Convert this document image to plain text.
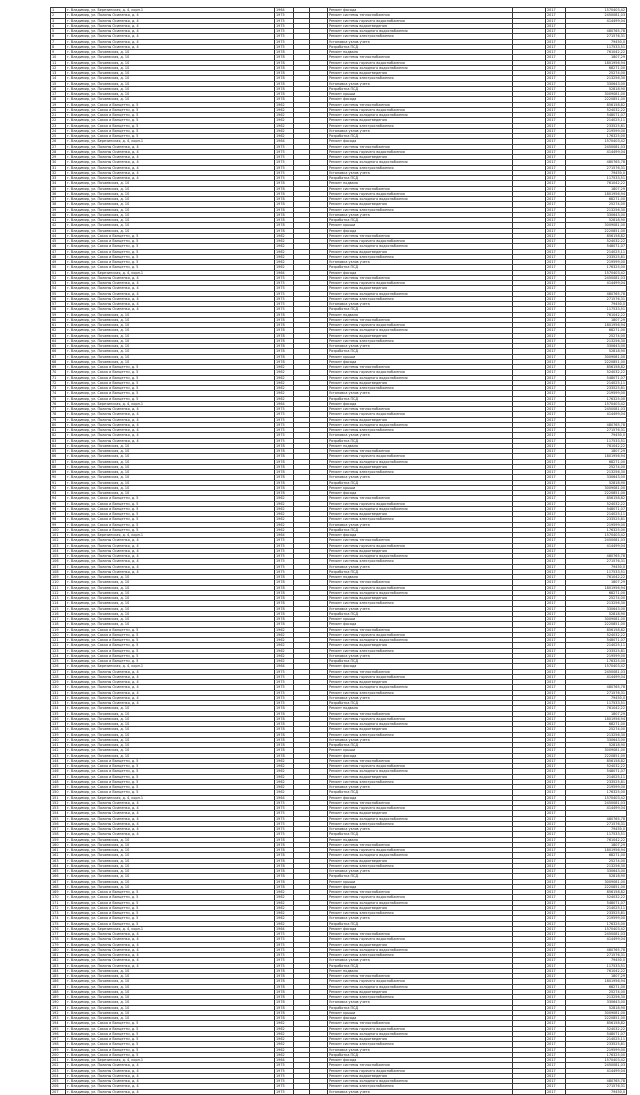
1	г. Владимир, ул. Березинская, д. 4, корп.1	1964			Ремонт фасада		2017	1570403,42
2	г. Владимир, ул. Полины Осипенко, д. 4	1975			Ремонт системы теплоснабжения		2017	2450081,03
3	г. Владимир, ул. Полины Осипенко, д. 4	1975			Ремонт системы горячего водоснабжения		2017	414499,04
4	г. Владимир, ул. Полины Осипенко, д. 4	1975			Ремонт системы водоотведения		2017	
5	г. Владимир, ул. Полины Осипенко, д. 4	1975			Ремонт системы холодного водоснабжения		2017	480765,78
6	г. Владимир, ул. Полины Осипенко, д. 4	1975			Ремонт системы электроснабжения		2017	271576,31
7	г. Владимир, ул. Полины Осипенко, д. 4	1975			Установка узлов учета		2017	79450,0
8	г. Владимир, ул. Полины Осипенко, д. 4	1975			Разработка ПСД		2017	117533,51
9	г. Владимир, ул. Почаевская, д. 10	1978			Ремонт подвала		2017	761042,22
10	г. Владимир, ул. Почаевская, д. 10	1978			Ремонт системы теплоснабжения		2017	1807,29
11	г. Владимир, ул. Почаевская, д. 10	1978			Ремонт системы горячего водоснабжения		2017	1801956,94
12	г. Владимир, ул. Почаевская, д. 10	1978			Ремонт системы холодного водоснабжения		2017	68271,00
13	г. Владимир, ул. Почаевская, д. 10	1978			Ремонт системы водоотведения		2017	25274,00
14	г. Владимир, ул. Почаевская, д. 10	1978			Ремонт системы электроснабжения		2017	213256,30
15	г. Владимир, ул. Почаевская, д. 10	1978			Установка узлов учета		2017	330643,00
16	г. Владимир, ул. Почаевская, д. 10	1978			Разработка ПСД		2017	52818,90
17	г. Владимир, ул. Почаевская, д. 10	1978			Ремонт крыши		2017	3009081,00
18	г. Владимир, ул. Почаевская, д. 10	1978			Ремонт фасада		2017	2220851,00
19	г. Владимир, ул. Сакко и Ванцетти, д. 5	1962			Ремонт системы теплоснабжения		2017	856158,82
20	г. Владимир, ул. Сакко и Ванцетти, д. 5	1962			Ремонт системы горячего водоснабжения		2017	524032,22
21	г. Владимир, ул. Сакко и Ванцетти, д. 5	1962			Ремонт системы холодного водоснабжения		2017	548071,07
22	г. Владимир, ул. Сакко и Ванцетти, д. 5	1962			Ремонт системы водоотведения		2017	214025,11
23	г. Владимир, ул. Сакко и Ванцетти, д. 5	1962			Ремонт системы электроснабжения		2017	233525,81
24	г. Владимир, ул. Сакко и Ванцетти, д. 5	1962			Установка узлов учета		2017	219599,00
25	г. Владимир, ул. Сакко и Ванцетти, д. 5	1962			Разработка ПСД		2017	176325,00
26	г. Владимир, ул. Березинская, д. 4, корп.1	1964			Ремонт фасада		2017	1570403,42
27	г. Владимир, ул. Полины Осипенко, д. 4	1975			Ремонт системы теплоснабжения		2017	2450081,03
28	г. Владимир, ул. Полины Осипенко, д. 4	1975			Ремонт системы горячего водоснабжения		2017	414499,04
29	г. Владимир, ул. Полины Осипенко, д. 4	1975			Ремонт системы водоотведения		2017	
30	г. Владимир, ул. Полины Осипенко, д. 4	1975			Ремонт системы холодного водоснабжения		2017	480765,78
31	г. Владимир, ул. Полины Осипенко, д. 4	1975			Ремонт системы электроснабжения		2017	271576,31
32	г. Владимир, ул. Полины Осипенко, д. 4	1975			Установка узлов учета		2017	79450,0
33	г. Владимир, ул. Полины Осипенко, д. 4	1975			Разработка ПСД		2017	117533,51
34	г. Владимир, ул. Почаевская, д. 10	1978			Ремонт подвала		2017	761042,22
35	г. Владимир, ул. Почаевская, д. 10	1978			Ремонт системы теплоснабжения		2017	1807,29
36	г. Владимир, ул. Почаевская, д. 10	1978			Ремонт системы горячего водоснабжения		2017	1801956,94
37	г. Владимир, ул. Почаевская, д. 10	1978			Ремонт системы холодного водоснабжения		2017	68271,00
38	г. Владимир, ул. Почаевская, д. 10	1978			Ремонт системы водоотведения		2017	25274,00
39	г. Владимир, ул. Почаевская, д. 10	1978			Ремонт системы электроснабжения		2017	213256,30
40	г. Владимир, ул. Почаевская, д. 10	1978			Установка узлов учета		2017	330643,00
41	г. Владимир, ул. Почаевская, д. 10	1978			Разработка ПСД		2017	52818,90
42	г. Владимир, ул. Почаевская, д. 10	1978			Ремонт крыши		2017	3009081,00
43	г. Владимир, ул. Почаевская, д. 10	1978			Ремонт фасада		2017	2220851,00
44	г. Владимир, ул. Сакко и Ванцетти, д. 5	1962			Ремонт системы теплоснабжения		2017	856158,82
45	г. Владимир, ул. Сакко и Ванцетти, д. 5	1962			Ремонт системы горячего водоснабжения		2017	524032,22
46	г. Владимир, ул. Сакко и Ванцетти, д. 5	1962			Ремонт системы холодного водоснабжения		2017	548071,07
47	г. Владимир, ул. Сакко и Ванцетти, д. 5	1962			Ремонт системы водоотведения		2017	214025,11
48	г. Владимир, ул. Сакко и Ванцетти, д. 5	1962			Ремонт системы электроснабжения		2017	233525,81
49	г. Владимир, ул. Сакко и Ванцетти, д. 5	1962			Установка узлов учета		2017	219599,00
50	г. Владимир, ул. Сакко и Ванцетти, д. 5	1962			Разработка ПСД		2017	176325,00
51	г. Владимир, ул. Березинская, д. 4, корп.1	1964			Ремонт фасада		2017	1570403,42
52	г. Владимир, ул. Полины Осипенко, д. 4	1975			Ремонт системы теплоснабжения		2017	2450081,03
53	г. Владимир, ул. Полины Осипенко, д. 4	1975			Ремонт системы горячего водоснабжения		2017	414499,04
54	г. Владимир, ул. Полины Осипенко, д. 4	1975			Ремонт системы водоотведения		2017	
55	г. Владимир, ул. Полины Осипенко, д. 4	1975			Ремонт системы холодного водоснабжения		2017	480765,78
56	г. Владимир, ул. Полины Осипенко, д. 4	1975			Ремонт системы электроснабжения		2017	271576,31
57	г. Владимир, ул. Полины Осипенко, д. 4	1975			Установка узлов учета		2017	79450,0
58	г. Владимир, ул. Полины Осипенко, д. 4	1975			Разработка ПСД		2017	117533,51
59	г. Владимир, ул. Почаевская, д. 10	1978			Ремонт подвала		2017	761042,22
60	г. Владимир, ул. Почаевская, д. 10	1978			Ремонт системы теплоснабжения		2017	1807,29
61	г. Владимир, ул. Почаевская, д. 10	1978			Ремонт системы горячего водоснабжения		2017	1801956,94
62	г. Владимир, ул. Почаевская, д. 10	1978			Ремонт системы холодного водоснабжения		2017	68271,00
63	г. Владимир, ул. Почаевская, д. 10	1978			Ремонт системы водоотведения		2017	25274,00
64	г. Владимир, ул. Почаевская, д. 10	1978			Ремонт системы электроснабжения		2017	213256,30
65	г. Владимир, ул. Почаевская, д. 10	1978			Установка узлов учета		2017	330643,00
66	г. Владимир, ул. Почаевская, д. 10	1978			Разработка ПСД		2017	52818,90
67	г. Владимир, ул. Почаевская, д. 10	1978			Ремонт крыши		2017	3009081,00
68	г. Владимир, ул. Почаевская, д. 10	1978			Ремонт фасада		2017	2220851,00
69	г. Владимир, ул. Сакко и Ванцетти, д. 5	1962			Ремонт системы теплоснабжения		2017	856158,82
70	г. Владимир, ул. Сакко и Ванцетти, д. 5	1962			Ремонт системы горячего водоснабжения		2017	524032,22
71	г. Владимир, ул. Сакко и Ванцетти, д. 5	1962			Ремонт системы холодного водоснабжения		2017	548071,07
72	г. Владимир, ул. Сакко и Ванцетти, д. 5	1962			Ремонт системы водоотведения		2017	214025,11
73	г. Владимир, ул. Сакко и Ванцетти, д. 5	1962			Ремонт системы электроснабжения		2017	233525,81
74	г. Владимир, ул. Сакко и Ванцетти, д. 5	1962			Установка узлов учета		2017	219599,00
75	г. Владимир, ул. Сакко и Ванцетти, д. 5	1962			Разработка ПСД		2017	176325,00
76	г. Владимир, ул. Березинская, д. 4, корп.1	1964			Ремонт фасада		2017	1570403,42
77	г. Владимир, ул. Полины Осипенко, д. 4	1975			Ремонт системы теплоснабжения		2017	2450081,03
78	г. Владимир, ул. Полины Осипенко, д. 4	1975			Ремонт системы горячего водоснабжения		2017	414499,04
79	г. Владимир, ул. Полины Осипенко, д. 4	1975			Ремонт системы водоотведения		2017	
80	г. Владимир, ул. Полины Осипенко, д. 4	1975			Ремонт системы холодного водоснабжения		2017	480765,78
81	г. Владимир, ул. Полины Осипенко, д. 4	1975			Ремонт системы электроснабжения		2017	271576,31
82	г. Владимир, ул. Полины Осипенко, д. 4	1975			Установка узлов учета		2017	79450,0
83	г. Владимир, ул. Полины Осипенко, д. 4	1975			Разработка ПСД		2017	117533,51
84	г. Владимир, ул. Почаевская, д. 10	1978			Ремонт подвала		2017	761042,22
85	г. Владимир, ул. Почаевская, д. 10	1978			Ремонт системы теплоснабжения		2017	1807,29
86	г. Владимир, ул. Почаевская, д. 10	1978			Ремонт системы горячего водоснабжения		2017	1801956,94
87	г. Владимир, ул. Почаевская, д. 10	1978			Ремонт системы холодного водоснабжения		2017	68271,00
88	г. Владимир, ул. Почаевская, д. 10	1978			Ремонт системы водоотведения		2017	25274,00
89	г. Владимир, ул. Почаевская, д. 10	1978			Ремонт системы электроснабжения		2017	213256,30
90	г. Владимир, ул. Почаевская, д. 10	1978			Установка узлов учета		2017	330643,00
91	г. Владимир, ул. Почаевская, д. 10	1978			Разработка ПСД		2017	52818,90
92	г. Владимир, ул. Почаевская, д. 10	1978			Ремонт крыши		2017	3009081,00
93	г. Владимир, ул. Почаевская, д. 10	1978			Ремонт фасада		2017	2220851,00
94	г. Владимир, ул. Сакко и Ванцетти, д. 5	1962			Ремонт системы теплоснабжения		2017	856158,82
95	г. Владимир, ул. Сакко и Ванцетти, д. 5	1962			Ремонт системы горячего водоснабжения		2017	524032,22
96	г. Владимир, ул. Сакко и Ванцетти, д. 5	1962			Ремонт системы холодного водоснабжения		2017	548071,07
97	г. Владимир, ул. Сакко и Ванцетти, д. 5	1962			Ремонт системы водоотведения		2017	214025,11
98	г. Владимир, ул. Сакко и Ванцетти, д. 5	1962			Ремонт системы электроснабжения		2017	233525,81
99	г. Владимир, ул. Сакко и Ванцетти, д. 5	1962			Установка узлов учета		2017	219599,00
100	г. Владимир, ул. Сакко и Ванцетти, д. 5	1962			Разработка ПСД		2017	176325,00
101	г. Владимир, ул. Березинская, д. 4, корп.1	1964			Ремонт фасада		2017	1570403,42
102	г. Владимир, ул. Полины Осипенко, д. 4	1975			Ремонт системы теплоснабжения		2017	2450081,03
103	г. Владимир, ул. Полины Осипенко, д. 4	1975			Ремонт системы горячего водоснабжения		2017	414499,04
104	г. Владимир, ул. Полины Осипенко, д. 4	1975			Ремонт системы водоотведения		2017	
105	г. Владимир, ул. Полины Осипенко, д. 4	1975			Ремонт системы холодного водоснабжения		2017	480765,78
106	г. Владимир, ул. Полины Осипенко, д. 4	1975			Ремонт системы электроснабжения		2017	271576,31
107	г. Владимир, ул. Полины Осипенко, д. 4	1975			Установка узлов учета		2017	79450,0
108	г. Владимир, ул. Полины Осипенко, д. 4	1975			Разработка ПСД		2017	117533,51
109	г. Владимир, ул. Почаевская, д. 10	1978			Ремонт подвала		2017	761042,22
110	г. Владимир, ул. Почаевская, д. 10	1978			Ремонт системы теплоснабжения		2017	1807,29
111	г. Владимир, ул. Почаевская, д. 10	1978			Ремонт системы горячего водоснабжения		2017	1801956,94
112	г. Владимир, ул. Почаевская, д. 10	1978			Ремонт системы холодного водоснабжения		2017	68271,00
113	г. Владимир, ул. Почаевская, д. 10	1978			Ремонт системы водоотведения		2017	25274,00
114	г. Владимир, ул. Почаевская, д. 10	1978			Ремонт системы электроснабжения		2017	213256,30
115	г. Владимир, ул. Почаевская, д. 10	1978			Установка узлов учета		2017	330643,00
116	г. Владимир, ул. Почаевская, д. 10	1978			Разработка ПСД		2017	52818,90
117	г. Владимир, ул. Почаевская, д. 10	1978			Ремонт крыши		2017	3009081,00
118	г. Владимир, ул. Почаевская, д. 10	1978			Ремонт фасада		2017	2220851,00
119	г. Владимир, ул. Сакко и Ванцетти, д. 5	1962			Ремонт системы теплоснабжения		2017	856158,82
120	г. Владимир, ул. Сакко и Ванцетти, д. 5	1962			Ремонт системы горячего водоснабжения		2017	524032,22
121	г. Владимир, ул. Сакко и Ванцетти, д. 5	1962			Ремонт системы холодного водоснабжения		2017	548071,07
122	г. Владимир, ул. Сакко и Ванцетти, д. 5	1962			Ремонт системы водоотведения		2017	214025,11
123	г. Владимир, ул. Сакко и Ванцетти, д. 5	1962			Ремонт системы электроснабжения		2017	233525,81
124	г. Владимир, ул. Сакко и Ванцетти, д. 5	1962			Установка узлов учета		2017	219599,00
125	г. Владимир, ул. Сакко и Ванцетти, д. 5	1962			Разработка ПСД		2017	176325,00
126	г. Владимир, ул. Березинская, д. 4, корп.1	1964			Ремонт фасада		2017	1570403,42
127	г. Владимир, ул. Полины Осипенко, д. 4	1975			Ремонт системы теплоснабжения		2017	2450081,03
128	г. Владимир, ул. Полины Осипенко, д. 4	1975			Ремонт системы горячего водоснабжения		2017	414499,04
129	г. Владимир, ул. Полины Осипенко, д. 4	1975			Ремонт системы водоотведения		2017	
130	г. Владимир, ул. Полины Осипенко, д. 4	1975			Ремонт системы холодного водоснабжения		2017	480765,78
131	г. Владимир, ул. Полины Осипенко, д. 4	1975			Ремонт системы электроснабжения		2017	271576,31
132	г. Владимир, ул. Полины Осипенко, д. 4	1975			Установка узлов учета		2017	79450,0
133	г. Владимир, ул. Полины Осипенко, д. 4	1975			Разработка ПСД		2017	117533,51
134	г. Владимир, ул. Почаевская, д. 10	1978			Ремонт подвала		2017	761042,22
135	г. Владимир, ул. Почаевская, д. 10	1978			Ремонт системы теплоснабжения		2017	1807,29
136	г. Владимир, ул. Почаевская, д. 10	1978			Ремонт системы горячего водоснабжения		2017	1801956,94
137	г. Владимир, ул. Почаевская, д. 10	1978			Ремонт системы холодного водоснабжения		2017	68271,00
138	г. Владимир, ул. Почаевская, д. 10	1978			Ремонт системы водоотведения		2017	25274,00
139	г. Владимир, ул. Почаевская, д. 10	1978			Ремонт системы электроснабжения		2017	213256,30
140	г. Владимир, ул. Почаевская, д. 10	1978			Установка узлов учета		2017	330643,00
141	г. Владимир, ул. Почаевская, д. 10	1978			Разработка ПСД		2017	52818,90
142	г. Владимир, ул. Почаевская, д. 10	1978			Ремонт крыши		2017	3009081,00
143	г. Владимир, ул. Почаевская, д. 10	1978			Ремонт фасада		2017	2220851,00
144	г. Владимир, ул. Сакко и Ванцетти, д. 5	1962			Ремонт системы теплоснабжения		2017	856158,82
145	г. Владимир, ул. Сакко и Ванцетти, д. 5	1962			Ремонт системы горячего водоснабжения		2017	524032,22
146	г. Владимир, ул. Сакко и Ванцетти, д. 5	1962			Ремонт системы холодного водоснабжения		2017	548071,07
147	г. Владимир, ул. Сакко и Ванцетти, д. 5	1962			Ремонт системы водоотведения		2017	214025,11
148	г. Владимир, ул. Сакко и Ванцетти, д. 5	1962			Ремонт системы электроснабжения		2017	233525,81
149	г. Владимир, ул. Сакко и Ванцетти, д. 5	1962			Установка узлов учета		2017	219599,00
150	г. Владимир, ул. Сакко и Ванцетти, д. 5	1962			Разработка ПСД		2017	176325,00
151	г. Владимир, ул. Березинская, д. 4, корп.1	1964			Ремонт фасада		2017	1570403,42
152	г. Владимир, ул. Полины Осипенко, д. 4	1975			Ремонт системы теплоснабжения		2017	2450081,03
153	г. Владимир, ул. Полины Осипенко, д. 4	1975			Ремонт системы горячего водоснабжения		2017	414499,04
154	г. Владимир, ул. Полины Осипенко, д. 4	1975			Ремонт системы водоотведения		2017	
155	г. Владимир, ул. Полины Осипенко, д. 4	1975			Ремонт системы холодного водоснабжения		2017	480765,78
156	г. Владимир, ул. Полины Осипенко, д. 4	1975			Ремонт системы электроснабжения		2017	271576,31
157	г. Владимир, ул. Полины Осипенко, д. 4	1975			Установка узлов учета		2017	79450,0
158	г. Владимир, ул. Полины Осипенко, д. 4	1975			Разработка ПСД		2017	117533,51
159	г. Владимир, ул. Почаевская, д. 10	1978			Ремонт подвала		2017	761042,22
160	г. Владимир, ул. Почаевская, д. 10	1978			Ремонт системы теплоснабжения		2017	1807,29
161	г. Владимир, ул. Почаевская, д. 10	1978			Ремонт системы горячего водоснабжения		2017	1801956,94
162	г. Владимир, ул. Почаевская, д. 10	1978			Ремонт системы холодного водоснабжения		2017	68271,00
163	г. Владимир, ул. Почаевская, д. 10	1978			Ремонт системы водоотведения		2017	25274,00
164	г. Владимир, ул. Почаевская, д. 10	1978			Ремонт системы электроснабжения		2017	213256,30
165	г. Владимир, ул. Почаевская, д. 10	1978			Установка узлов учета		2017	330643,00
166	г. Владимир, ул. Почаевская, д. 10	1978			Разработка ПСД		2017	52818,90
167	г. Владимир, ул. Почаевская, д. 10	1978			Ремонт крыши		2017	3009081,00
168	г. Владимир, ул. Почаевская, д. 10	1978			Ремонт фасада		2017	2220851,00
169	г. Владимир, ул. Сакко и Ванцетти, д. 5	1962			Ремонт системы теплоснабжения		2017	856158,82
170	г. Владимир, ул. Сакко и Ванцетти, д. 5	1962			Ремонт системы горячего водоснабжения		2017	524032,22
171	г. Владимир, ул. Сакко и Ванцетти, д. 5	1962			Ремонт системы холодного водоснабжения		2017	548071,07
172	г. Владимир, ул. Сакко и Ванцетти, д. 5	1962			Ремонт системы водоотведения		2017	214025,11
173	г. Владимир, ул. Сакко и Ванцетти, д. 5	1962			Ремонт системы электроснабжения		2017	233525,81
174	г. Владимир, ул. Сакко и Ванцетти, д. 5	1962			Установка узлов учета		2017	219599,00
175	г. Владимир, ул. Сакко и Ванцетти, д. 5	1962			Разработка ПСД		2017	176325,00
176	г. Владимир, ул. Березинская, д. 4, корп.1	1964			Ремонт фасада		2017	1570403,42
177	г. Владимир, ул. Полины Осипенко, д. 4	1975			Ремонт системы теплоснабжения		2017	2450081,03
178	г. Владимир, ул. Полины Осипенко, д. 4	1975			Ремонт системы горячего водоснабжения		2017	414499,04
179	г. Владимир, ул. Полины Осипенко, д. 4	1975			Ремонт системы водоотведения		2017	
180	г. Владимир, ул. Полины Осипенко, д. 4	1975			Ремонт системы холодного водоснабжения		2017	480765,78
181	г. Владимир, ул. Полины Осипенко, д. 4	1975			Ремонт системы электроснабжения		2017	271576,31
182	г. Владимир, ул. Полины Осипенко, д. 4	1975			Установка узлов учета		2017	79450,0
183	г. Владимир, ул. Полины Осипенко, д. 4	1975			Разработка ПСД		2017	117533,51
184	г. Владимир, ул. Почаевская, д. 10	1978			Ремонт подвала		2017	761042,22
185	г. Владимир, ул. Почаевская, д. 10	1978			Ремонт системы теплоснабжения		2017	1807,29
186	г. Владимир, ул. Почаевская, д. 10	1978			Ремонт системы горячего водоснабжения		2017	1801956,94
187	г. Владимир, ул. Почаевская, д. 10	1978			Ремонт системы холодного водоснабжения		2017	68271,00
188	г. Владимир, ул. Почаевская, д. 10	1978			Ремонт системы водоотведения		2017	25274,00
189	г. Владимир, ул. Почаевская, д. 10	1978			Ремонт системы электроснабжения		2017	213256,30
190	г. Владимир, ул. Почаевская, д. 10	1978			Установка узлов учета		2017	330643,00
191	г. Владимир, ул. Почаевская, д. 10	1978			Разработка ПСД		2017	52818,90
192	г. Владимир, ул. Почаевская, д. 10	1978			Ремонт крыши		2017	3009081,00
193	г. Владимир, ул. Почаевская, д. 10	1978			Ремонт фасада		2017	2220851,00
194	г. Владимир, ул. Сакко и Ванцетти, д. 5	1962			Ремонт системы теплоснабжения		2017	856158,82
195	г. Владимир, ул. Сакко и Ванцетти, д. 5	1962			Ремонт системы горячего водоснабжения		2017	524032,22
196	г. Владимир, ул. Сакко и Ванцетти, д. 5	1962			Ремонт системы холодного водоснабжения		2017	548071,07
197	г. Владимир, ул. Сакко и Ванцетти, д. 5	1962			Ремонт системы водоотведения		2017	214025,11
198	г. Владимир, ул. Сакко и Ванцетти, д. 5	1962			Ремонт системы электроснабжения		2017	233525,81
199	г. Владимир, ул. Сакко и Ванцетти, д. 5	1962			Установка узлов учета		2017	219599,00
200	г. Владимир, ул. Сакко и Ванцетти, д. 5	1962			Разработка ПСД		2017	176325,00
201	г. Владимир, ул. Березинская, д. 4, корп.1	1964			Ремонт фасада		2017	1570403,42
202	г. Владимир, ул. Полины Осипенко, д. 4	1975			Ремонт системы теплоснабжения		2017	2450081,03
203	г. Владимир, ул. Полины Осипенко, д. 4	1975			Ремонт системы горячего водоснабжения		2017	414499,04
204	г. Владимир, ул. Полины Осипенко, д. 4	1975			Ремонт системы водоотведения		2017	
205	г. Владимир, ул. Полины Осипенко, д. 4	1975			Ремонт системы холодного водоснабжения		2017	480765,78
206	г. Владимир, ул. Полины Осипенко, д. 4	1975			Ремонт системы электроснабжения		2017	271576,31
207	г. Владимир, ул. Полины Осипенко, д. 4	1975			Установка узлов учета		2017	79450,0
